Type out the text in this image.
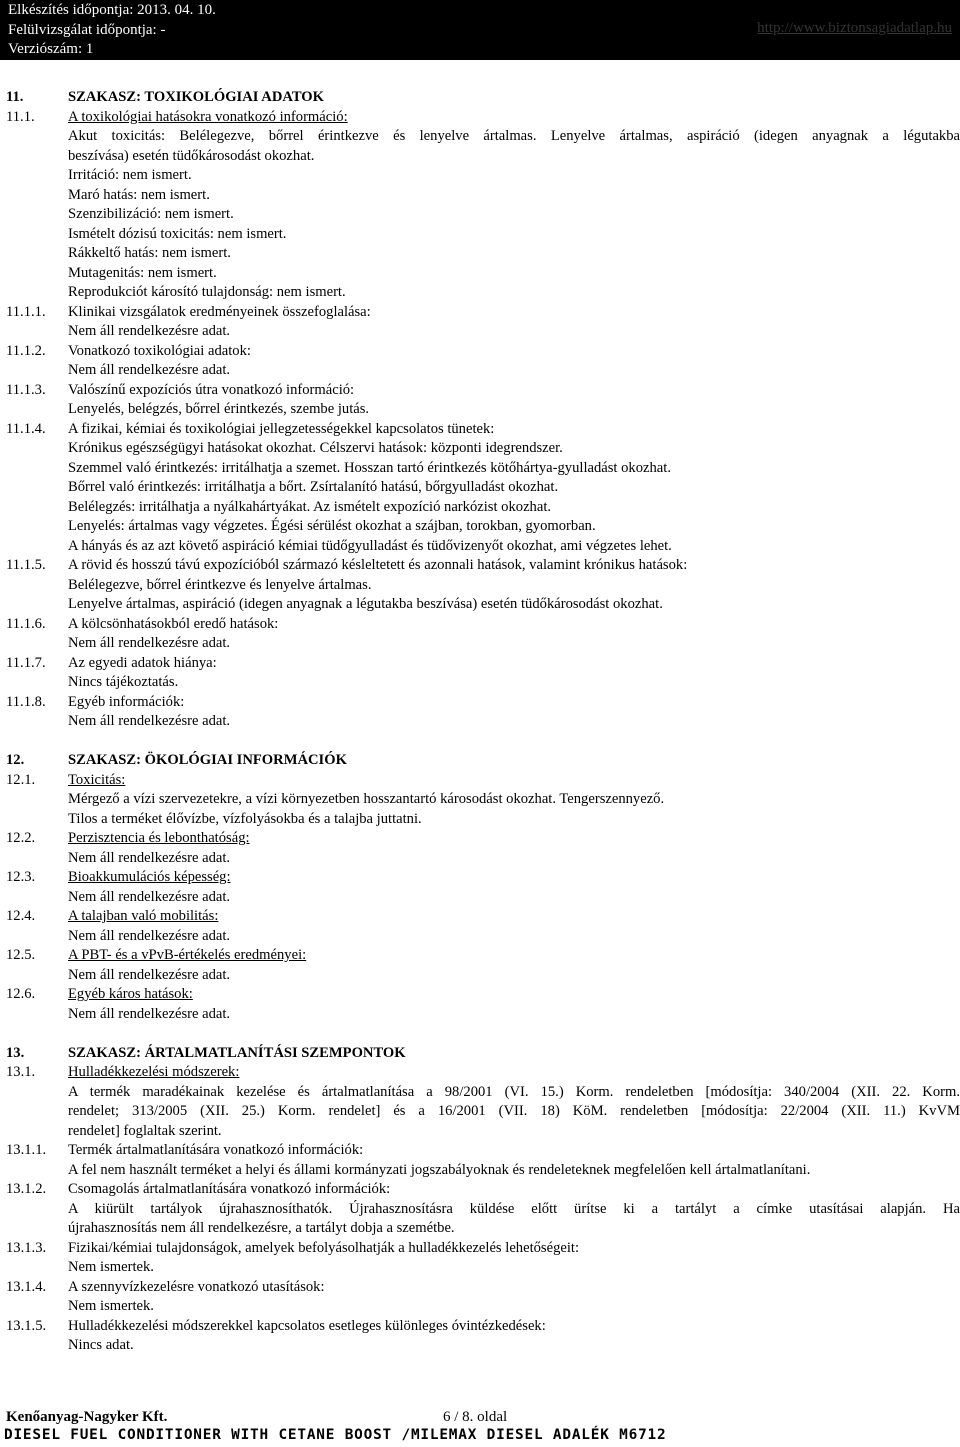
Elkészítés időpontja: 2013. 04. 10.
Felülvizsgálat időpontja: -
Verziószám: 1
http://www.biztonsagiadatlap.hu
11.	SZAKASZ: TOXIKOLÓGIAI ADATOK
11.1. A toxikológiai hatásokra vonatkozó információ:
Akut toxicitás: Belélegezve, bőrrel érintkezve és lenyelve ártalmas. Lenyelve ártalmas, aspiráció (idegen anyagnak a légutakba
beszívása) esetén tüdőkárosodást okozhat.
Irritáció: nem ismert.
Maró hatás: nem ismert.
Szenzibilizáció: nem ismert.
Ismételt dózisú toxicitás: nem ismert.
Rákkeltő hatás: nem ismert.
Mutagenitás: nem ismert.
Reprodukciót károsító tulajdonság: nem ismert.
11.1.1. Klinikai vizsgálatok eredményeinek összefoglalása:
Nem áll rendelkezésre adat.
11.1.2. Vonatkozó toxikológiai adatok:
Nem áll rendelkezésre adat.
11.1.3. Valószínű expozíciós útra vonatkozó információ:
Lenyelés, belégzés, bőrrel érintkezés, szembe jutás.
11.1.4. A fizikai, kémiai és toxikológiai jellegzetességekkel kapcsolatos tünetek:
Krónikus egészségügyi hatásokat okozhat. Célszervi hatások: központi idegrendszer.
Szemmel való érintkezés: irritálhatja a szemet. Hosszan tartó érintkezés kötőhártya-gyulladást okozhat.
Bőrrel való érintkezés: irritálhatja a bőrt. Zsírtalanító hatású, bőrgyulladást okozhat.
Belélegzés: irritálhatja a nyálkahártyákat. Az ismételt expozíció narkózist okozhat.
Lenyelés: ártalmas vagy végzetes. Égési sérülést okozhat a szájban, torokban, gyomorban.
A hányás és az azt követő aspiráció kémiai tüdőgyulladást és tüdővizenyőt okozhat, ami végzetes lehet.
11.1.5. A rövid és hosszú távú expozícióból származó késleltetett és azonnali hatások, valamint krónikus hatások:
Belélegezve, bőrrel érintkezve és lenyelve ártalmas.
Lenyelve ártalmas, aspiráció (idegen anyagnak a légutakba beszívása) esetén tüdőkárosodást okozhat.
11.1.6. A kölcsönhatásokból eredő hatások:
Nem áll rendelkezésre adat.
11.1.7. Az egyedi adatok hiánya:
Nincs tájékoztatás.
11.1.8. Egyéb információk:
Nem áll rendelkezésre adat.
12.	SZAKASZ: ÖKOLÓGIAI INFORMÁCIÓK
12.1. Toxicitás:
Mérgező a vízi szervezetekre, a vízi környezetben hosszantartó károsodást okozhat. Tengerszennyező.
Tilos a terméket élővízbe, vízfolyásokba és a talajba juttatni.
12.2. Perzisztencia és lebonthatóság:
Nem áll rendelkezésre adat.
12.3. Bioakkumulációs képesség:
Nem áll rendelkezésre adat.
12.4. A talajban való mobilitás:
Nem áll rendelkezésre adat.
12.5. A PBT- és a vPvB-értékelés eredményei:
Nem áll rendelkezésre adat.
12.6. Egyéb káros hatások:
Nem áll rendelkezésre adat.
13.	SZAKASZ: ÁRTALMATLANÍTÁSI SZEMPONTOK
13.1. Hulladékkezelési módszerek:
A termék maradékainak kezelése és ártalmatlanítása a 98/2001 (VI. 15.) Korm. rendeletben [módosítja: 340/2004 (XII. 22. Korm.
rendelet; 313/2005 (XII. 25.) Korm. rendelet] és a 16/2001 (VII. 18) KöM. rendeletben [módosítja: 22/2004 (XII. 11.) KvVM
rendelet] foglaltak szerint.
13.1.1. Termék ártalmatlanítására vonatkozó információk:
A fel nem használt terméket a helyi és állami kormányzati jogszabályoknak és rendeleteknek megfelelően kell ártalmatlanítani.
13.1.2. Csomagolás ártalmatlanítására vonatkozó információk:
A kiürült tartályok újrahasznosíthatók. Újrahasznosításra küldése előtt ürítse ki a tartályt a címke utasításai alapján. Ha
újrahasznosítás nem áll rendelkezésre, a tartályt dobja a szemétbe.
13.1.3. Fizikai/kémiai tulajdonságok, amelyek befolyásolhatják a hulladékkezelés lehetőségeit:
Nem ismertek.
13.1.4. A szennyvízkezelésre vonatkozó utasítások:
Nem ismertek.
13.1.5. Hulladékkezelési módszerekkel kapcsolatos esetleges különleges óvintézkedések:
Nincs adat.
Kenőanyag-Nagyker Kft.	6 / 8. oldal
DIESEL FUEL CONDITIONER WITH CETANE BOOST /MILEMAX DIESEL ADALÉK M6712
